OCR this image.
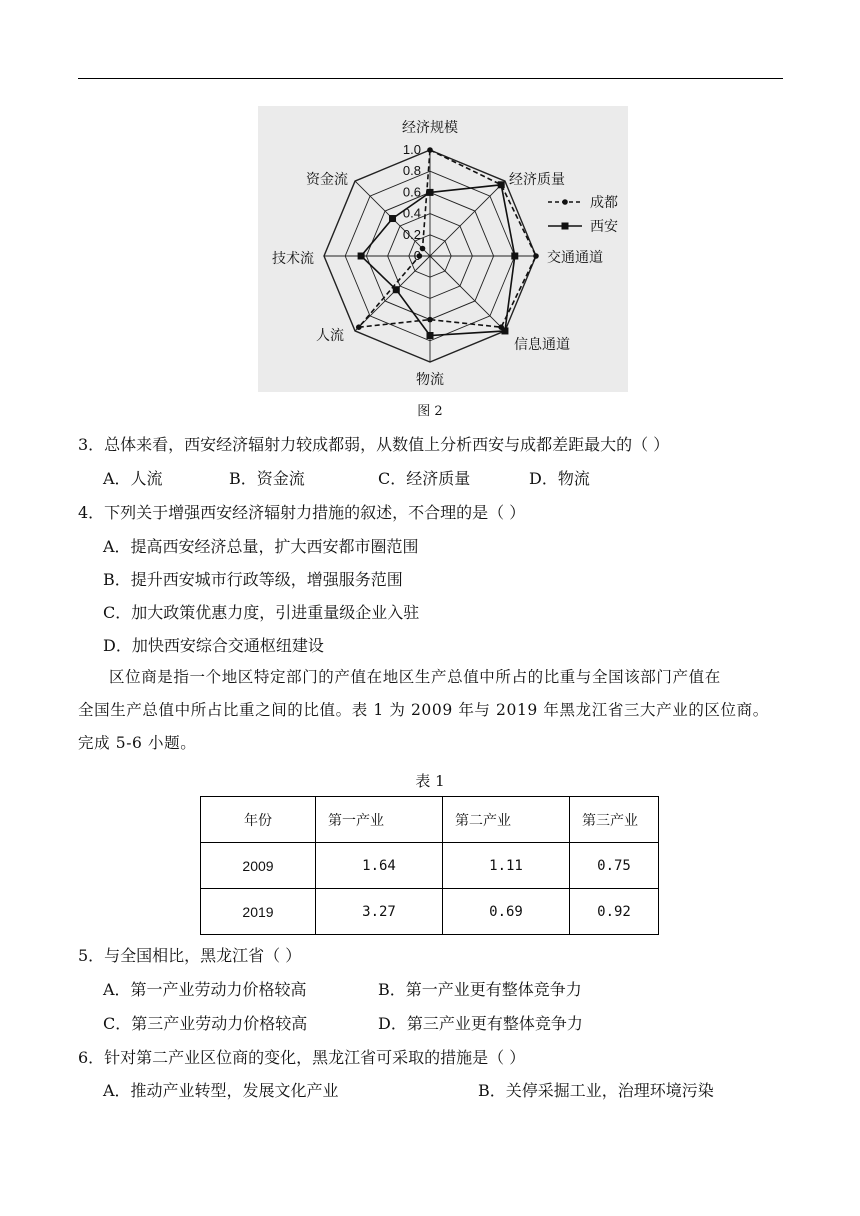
0
0.2
0.4
0.6
0.8
1.0
经济规模
经济质量
交通通道
信息通道
物流
人流
技术流
资金流
成都
西安
图 2
3．总体来看，西安经济辐射力较成都弱，从数值上分析西安与成都差距最大的（ ）
A．人流	B．资金流	C．经济质量	D．物流
4．下列关于增强西安经济辐射力措施的叙述，不合理的是（ ）
A．提高西安经济总量，扩大西安都市圈范围
B．提升西安城市行政等级，增强服务范围
C．加大政策优惠力度，引进重量级企业入驻
D．加快西安综合交通枢纽建设
区位商是指一个地区特定部门的产值在地区生产总值中所占的比重与全国该部门产值在
全国生产总值中所占比重之间的比值。表 1 为 2009 年与 2019 年黑龙江省三大产业的区位商。
完成 5-6 小题。
表 1
年份	第一产业	第二产业	第三产业
2009	1.64	1.11	0.75
2019	3.27	0.69	0.92
5．与全国相比，黑龙江省（ ）
A．第一产业劳动力价格较高	B．第一产业更有整体竞争力
C．第三产业劳动力价格较高	D．第三产业更有整体竞争力
6．针对第二产业区位商的变化，黑龙江省可采取的措施是（ ）
A．推动产业转型，发展文化产业	B．关停采掘工业，治理环境污染
